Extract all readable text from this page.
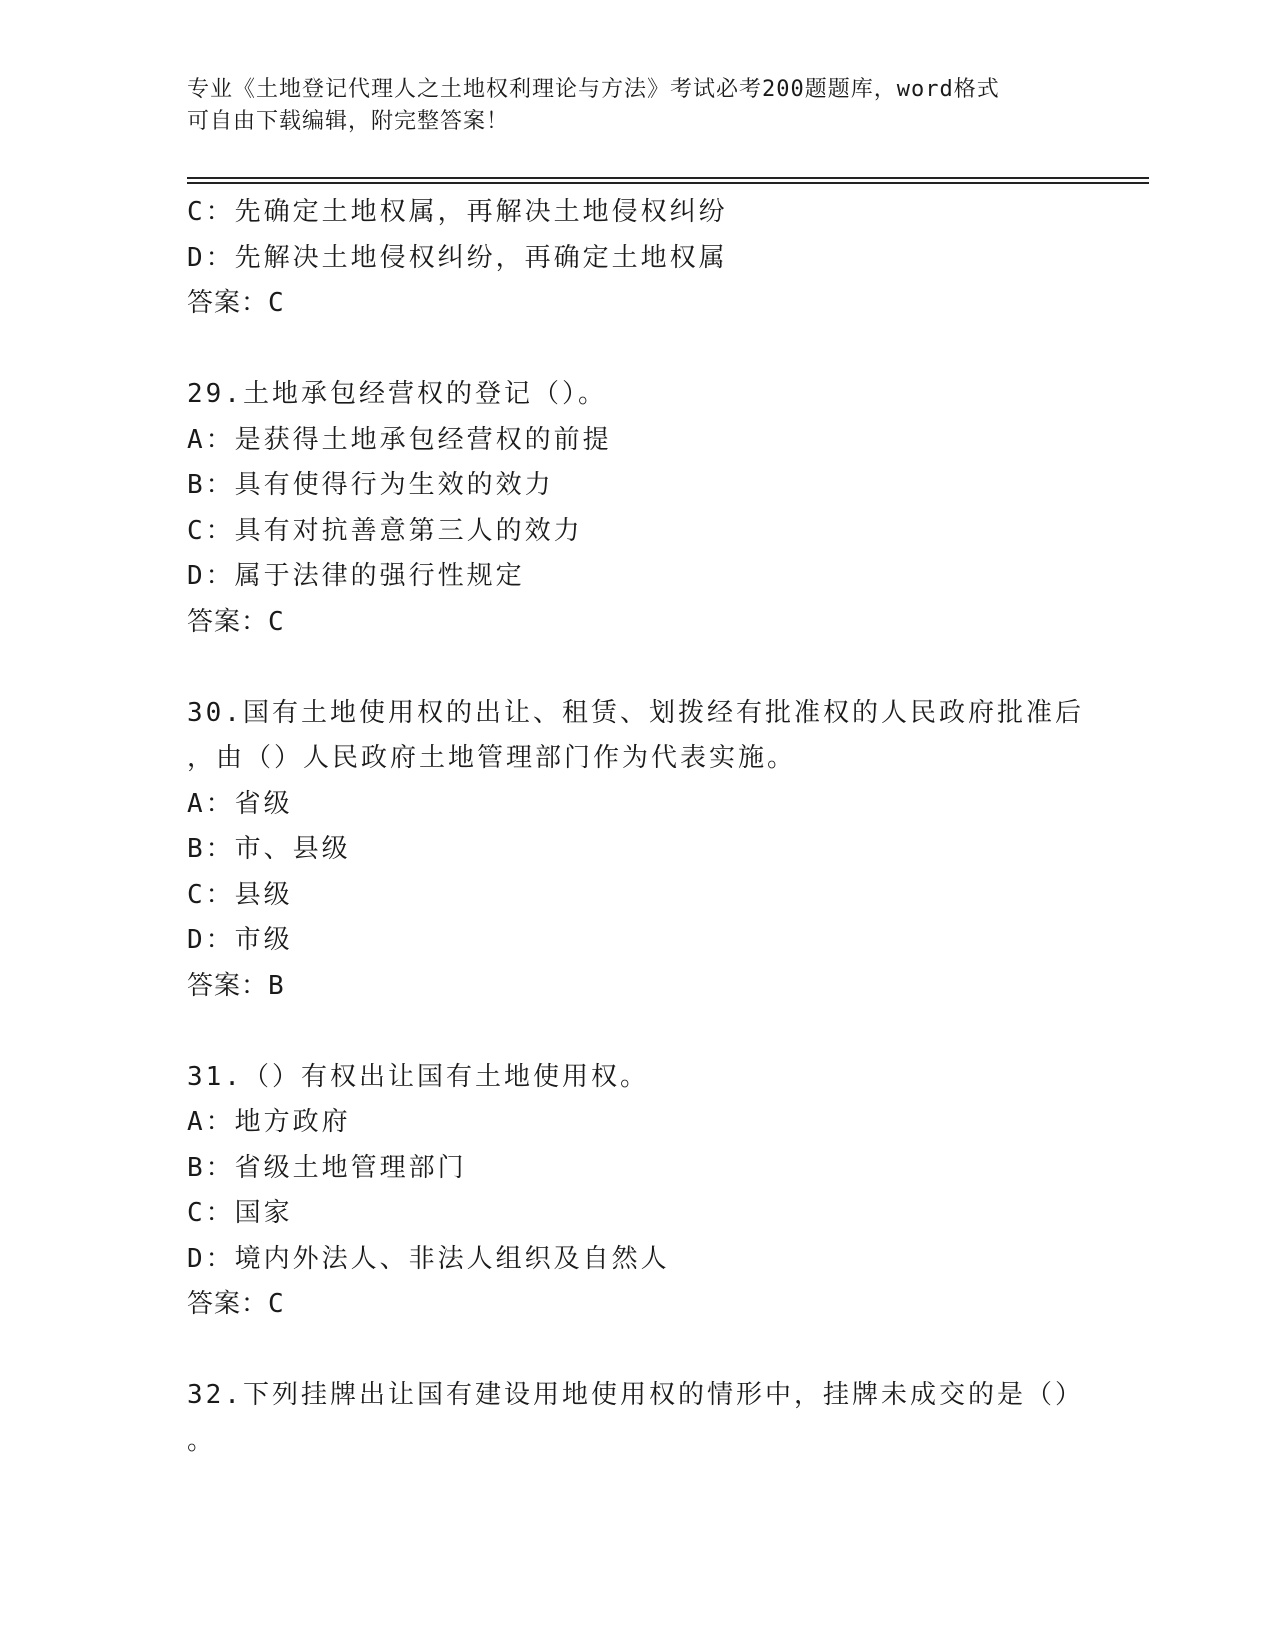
专业《土地登记代理人之土地权利理论与方法》考试必考200题题库，word格式
可自由下载编辑，附完整答案！
C：先确定土地权属，再解决土地侵权纠纷
D：先解决土地侵权纠纷，再确定土地权属
答案：C
29.土地承包经营权的登记（）。
A：是获得土地承包经营权的前提
B：具有使得行为生效的效力
C：具有对抗善意第三人的效力
D：属于法律的强行性规定
答案：C
30.国有土地使用权的出让、租赁、划拨经有批准权的人民政府批准后
，由（）人民政府土地管理部门作为代表实施。
A：省级
B：市、县级
C：县级
D：市级
答案：B
31.（）有权出让国有土地使用权。
A：地方政府
B：省级土地管理部门
C：国家
D：境内外法人、非法人组织及自然人
答案：C
32.下列挂牌出让国有建设用地使用权的情形中，挂牌未成交的是（）
。
